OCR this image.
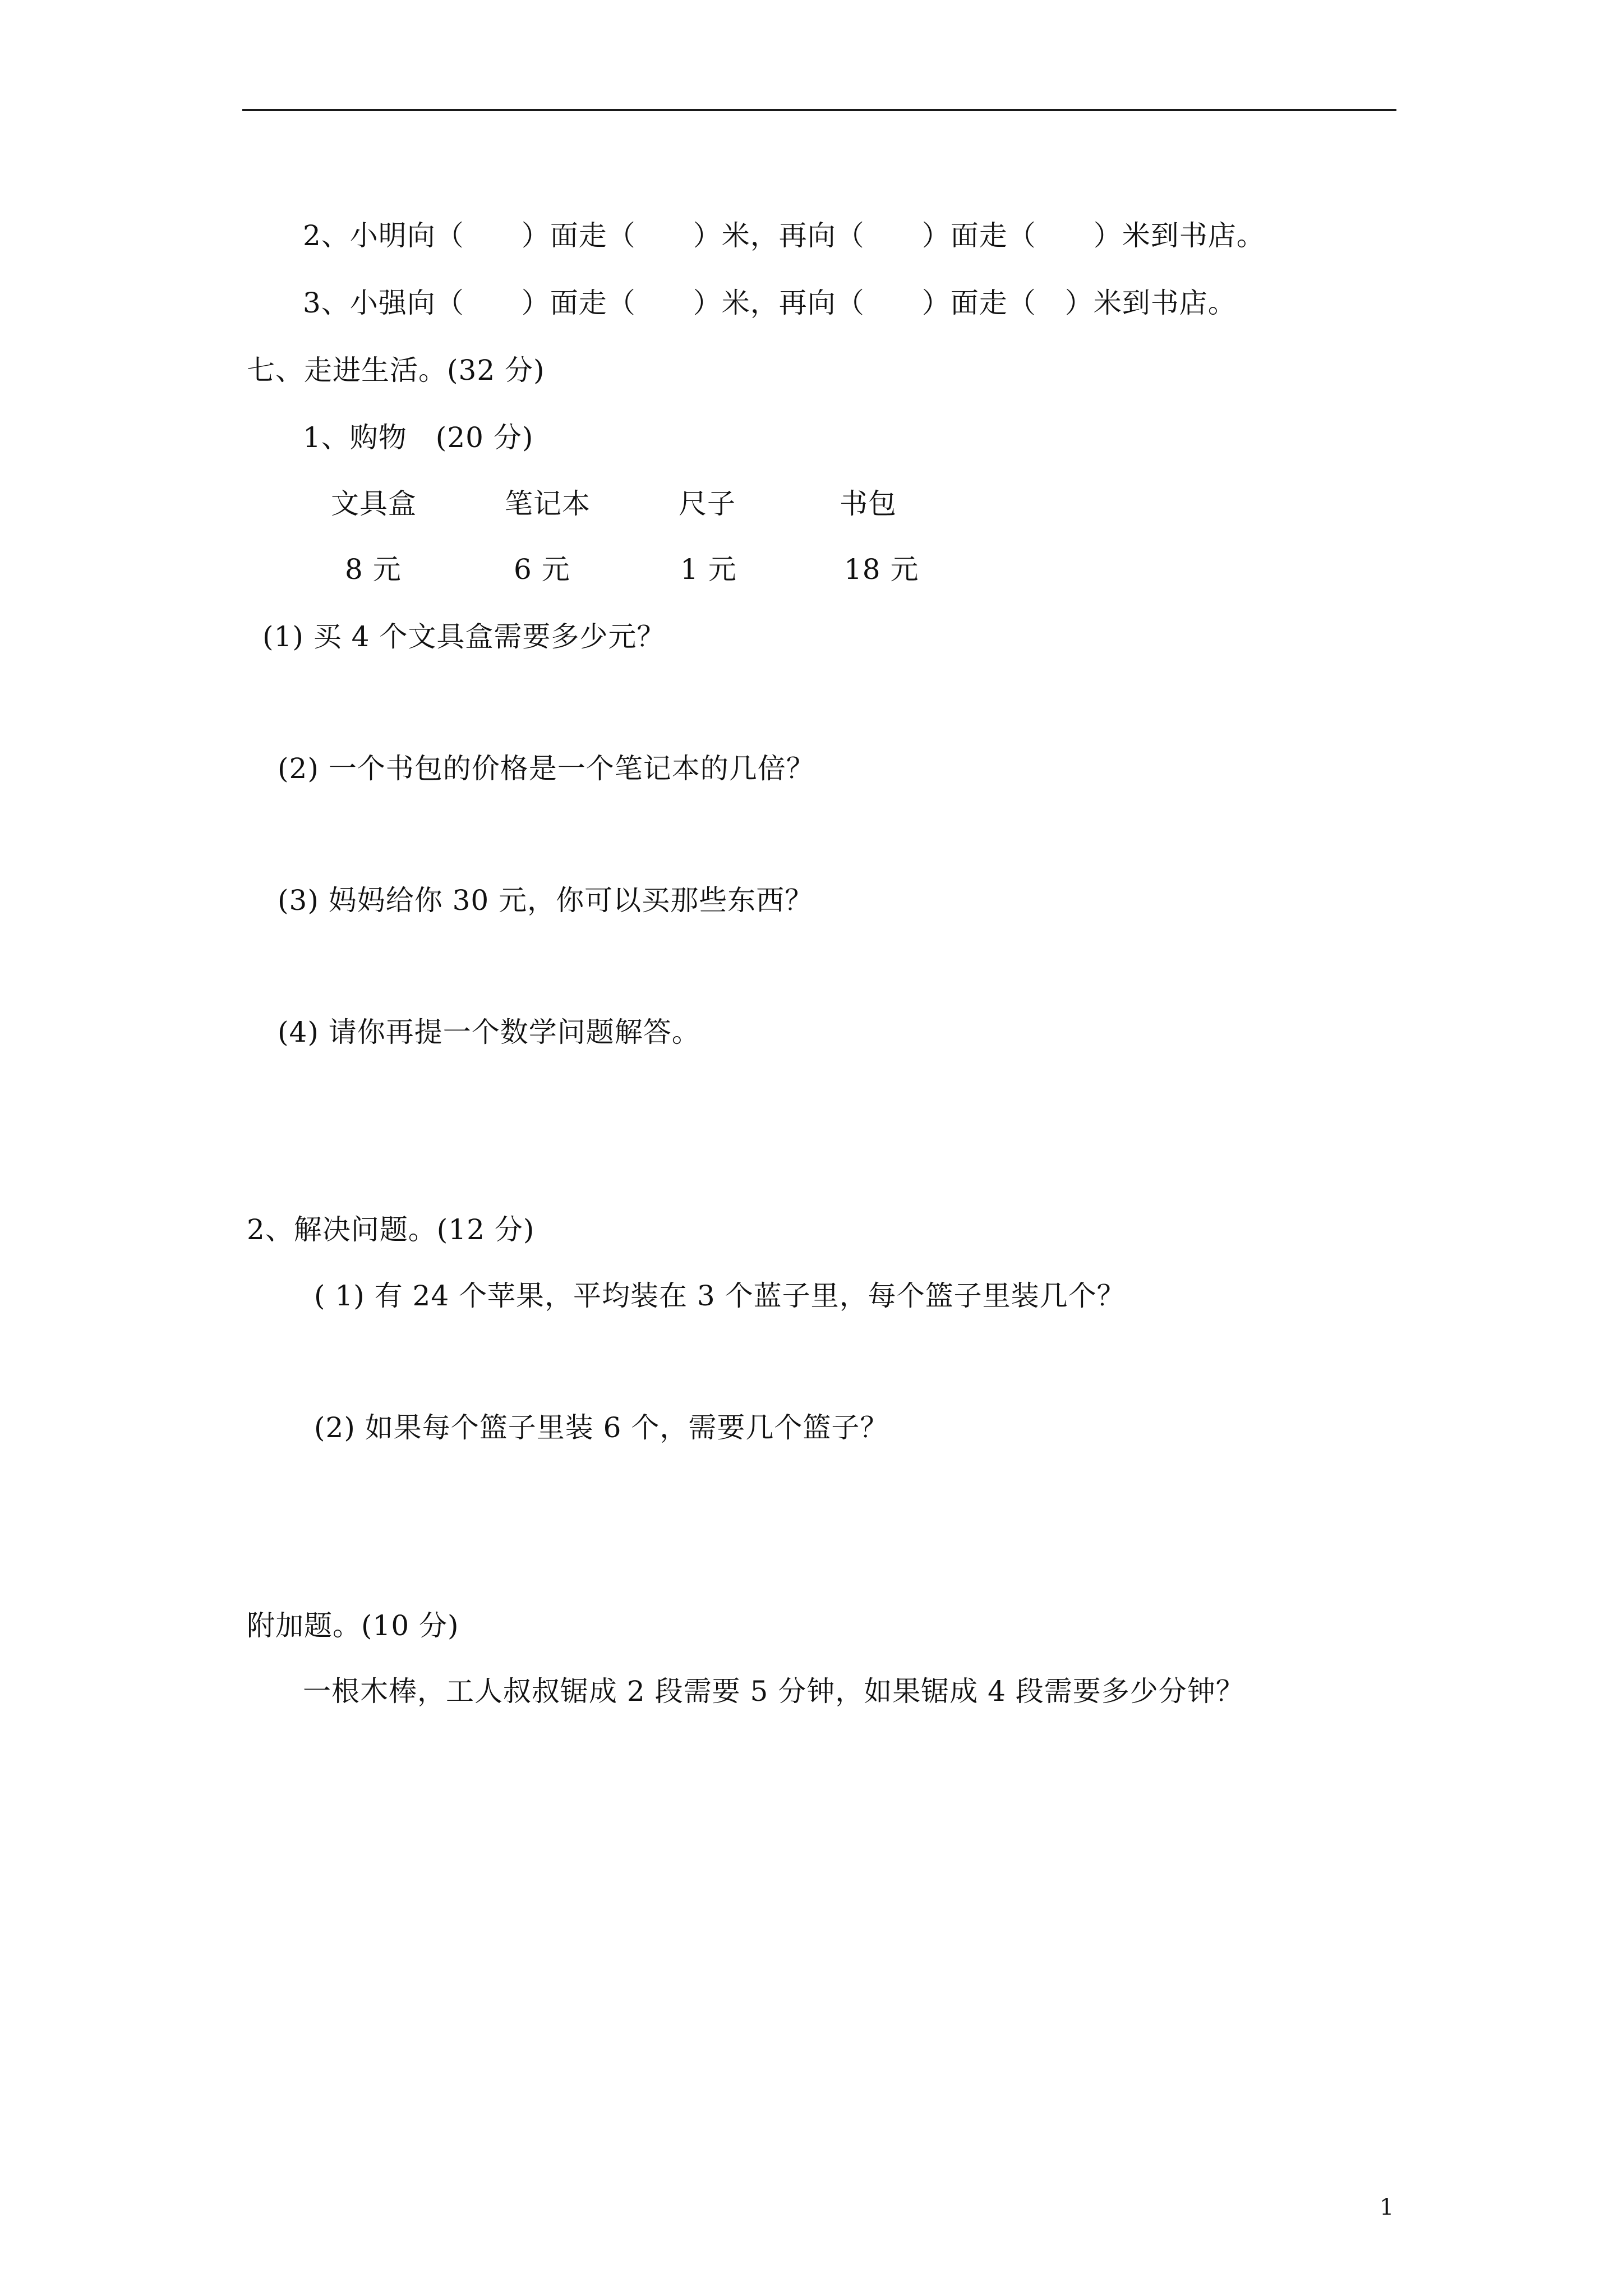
2、小明向（　　）面走（　　）米，再向（　　）面走（　　）米到书店。
3、小强向（　　）面走（　　）米，再向（　　）面走（　）米到书店。
七、走进生活。(32 分)
1、购物　(20 分)
文具盒	笔记本	尺子	书包
8 元	6 元	1 元	18 元
(1) 买 4 个文具盒需要多少元？
(2) 一个书包的价格是一个笔记本的几倍？
(3) 妈妈给你 30 元，你可以买那些东西？
(4) 请你再提一个数学问题解答。
2、解决问题。(12 分)
( 1) 有 24 个苹果，平均装在 3 个蓝子里，每个篮子里装几个？
(2) 如果每个篮子里装 6 个，需要几个篮子？
附加题。(10 分)
一根木棒，工人叔叔锯成 2 段需要 5 分钟，如果锯成 4 段需要多少分钟？
1
